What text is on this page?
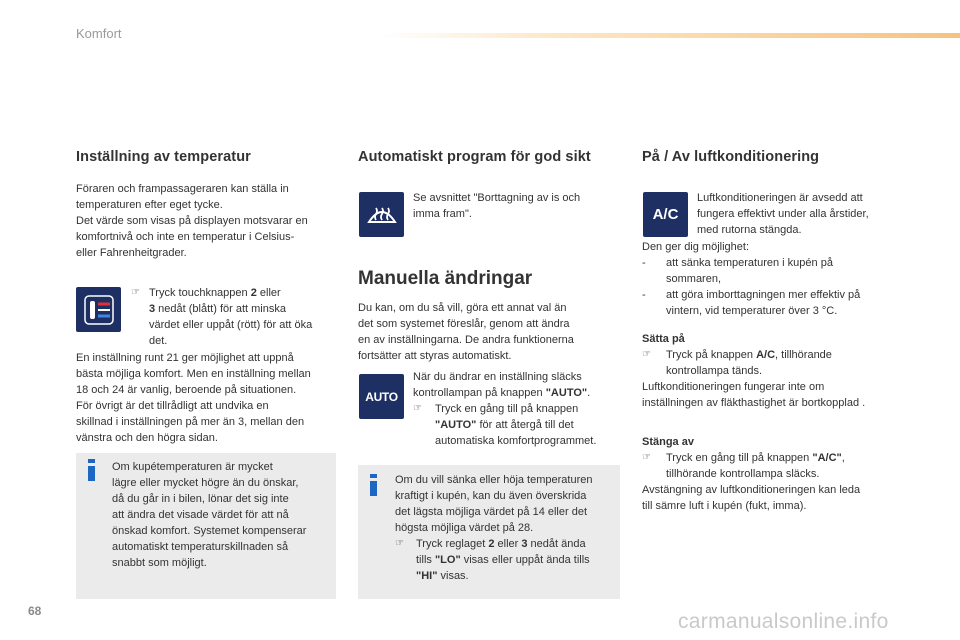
Komfort
Inställning av temperatur

Föraren och frampassageraren kan ställa in

temperaturen efter eget tycke.

Det värde som visas på displayen motsvarar en

komfortnivå och inte en temperatur i Celsius-

eller Fahrenheitgrader.

☞ Tryck touchknappen 2 eller
3 nedåt (blått) för att minska
värdet eller uppåt (rött) för att öka
det.

En inställning runt 21 ger möjlighet att uppnå

bästa möjliga komfort. Men en inställning mellan

18 och 24 är vanlig, beroende på situationen.

För övrigt är det tillrådligt att undvika en

skillnad i inställningen på mer än 3, mellan den

vänstra och den högra sidan.

Om kupétemperaturen är mycket

lägre eller mycket högre än du önskar,

då du går in i bilen, lönar det sig inte

att ändra det visade värdet för att nå

önskad komfort. Systemet kompenserar

automatiskt temperaturskillnaden så

snabbt som möjligt.

Automatiskt program för god sikt

Se avsnittet "Borttagning av is och

imma fram".

Manuella ändringar

Du kan, om du så vill, göra ett annat val än

det som systemet föreslår, genom att ändra

en av inställningarna. De andra funktionerna

fortsätter att styras automatiskt.

AUTO
När du ändrar en inställning släcks
kontrollampan på knappen "AUTO".
☞	Tryck en gång till på knappen
"AUTO" för att återgå till det
automatiska komfortprogrammet.

Om du vill sänka eller höja temperaturen

kraftigt i kupén, kan du även överskrida

det lägsta möjliga värdet på 14 eller det

högsta möjliga värdet på 28.

☞	Tryck reglaget 2 eller 3 nedåt ända
tills "LO" visas eller uppåt ända tills
"HI" visas.
På / Av luftkonditionering
A/C

Luftkonditioneringen är avsedd att

fungera effektivt under alla årstider,

med rutorna stängda.

Den ger dig möjlighet:
-	att sänka temperaturen i kupén på
sommaren,
-	att göra imborttagningen mer effektiv på
vintern, vid temperaturer över 3 °C.
Sätta på
☞	Tryck på knappen A/C, tillhörande
kontrollampa tänds.
Luftkonditioneringen fungerar inte om
inställningen av fläkthastighet är bortkopplad .
Stänga av
☞	Tryck en gång till på knappen "A/C",
tillhörande kontrollampa släcks.
Avstängning av luftkonditioneringen kan leda
till sämre luft i kupén (fukt, imma).
68	carmanualsonline.info
